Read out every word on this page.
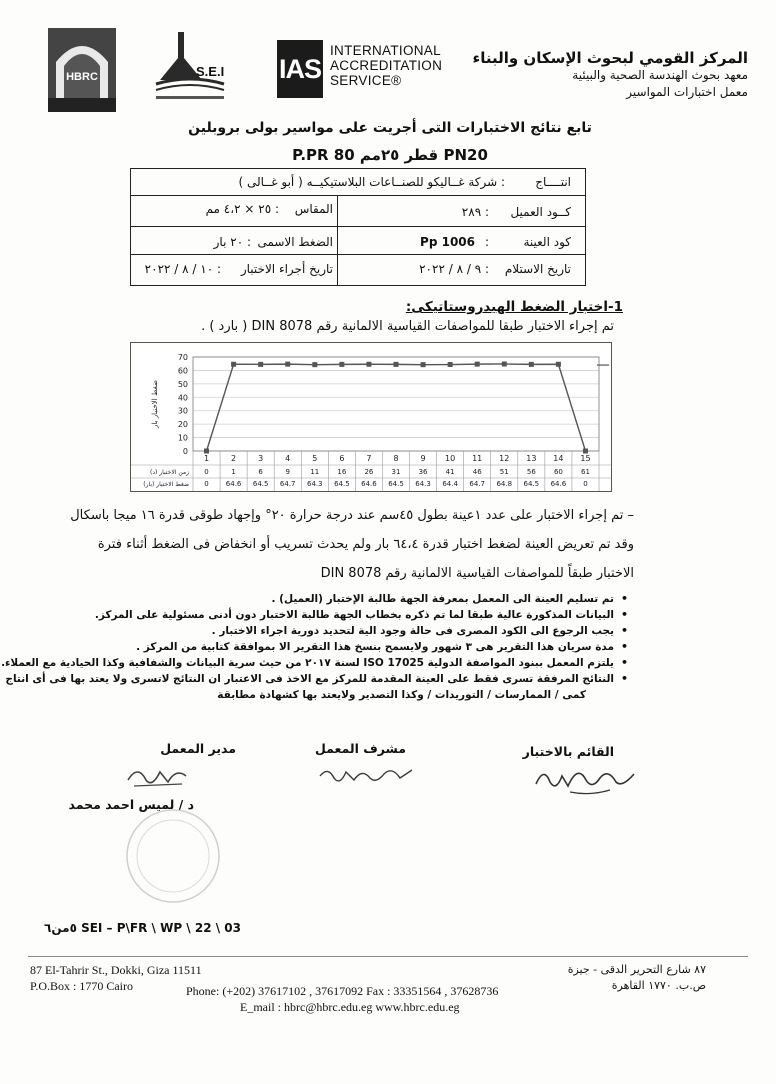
HBRC	S.E.I IAS
INTERNATIONAL
ACCREDITATION
SERVICE®
المركز القومي لبحوث الإسكان والبناء
معهد بحوث الهندسة الصحية والبيئية
معمل اختبارات المواسير
تابع نتائج الاختبارات التى أجريت على مواسير بولى بروبلين
P.PR 80 قطر ٢٥مم PN20
انتــــاج
: شركة غــاليكو للصنــاعات البلاستيكيــه ( أبو غــالى )
كــود العميل
: ٢٨٩
المقاس
: ٢٥ × ٤،٢ مم
كود العينة
:
Pp 1006
الضغط الاسمى
: ٢٠ بار
تاريخ الاستلام
: ٩ / ٨ / ٢٠٢٢
تاريخ أجراء الاختبار
: ١٠ / ٨ / ٢٠٢٢
1-اختبار الضغط الهيدروستاتيكى:
تم إجراء الاختبار طبقا للمواصفات القياسية الالمانية رقم DIN 8078 ( بارد ) .
0
10
20
30
40
50
60
70
ضغط الاختبار بار
1	2	3	4	5	6	7	8	9 10 11 12 13 14 15
زمن الاختبار (د) 0	1	6	9	11	16	26	31	36	41	46	51	56	60	61
ضغط الاختبار (بار) 0 64.6 64.5 64.7 64.3 64.5 64.6 64.5 64.3 64.4 64.7 64.8 64.5 64.6 0
– تم إجراء الاختبار على عدد ١عينة بطول ٤٥سم عند درجة حرارة ٢٠° وإجهاد طوقى قدرة ١٦ ميجا باسكال
وقد تم تعريض العينة لضغط اختبار قدرة ٦٤،٤ بار ولم يحدث تسريب أو انخفاض فى الضغط أثناء فترة
الاختبار طبقاً للمواصفات القياسية الالمانية رقم DIN 8078
• تم تسليم العينة الى المعمل بمعرفة الجهة طالبة الإختبار (العميل) .
• البيانات المذكورة عالية طبقا لما تم ذكره بخطاب الجهة طالبة الاختبار دون أدنى مسئولية على المركز.
• يجب الرجوع الى الكود المصرى فى حالة وجود الية لتحديد دورية اجراء الاختبار .
• مدة سريان هذا التقرير هى ٣ شهور ولايسمح بنسخ هذا التقرير الا بموافقة كتابية من المركز .
• يلتزم المعمل ببنود المواصفة الدولية ISO 17025 لسنة ٢٠١٧ من حيث سرية البيانات والشفافية وكذا الحيادية مع العملاء.
• النتائج المرفقة تسرى فقط على العينة المقدمة للمركز مع الاخذ فى الاعتبار ان النتائج لاتسرى ولا يعتد بها فى أى انتاج
كمى / الممارسات / التوريدات / وكذا التصدير ولايعتد بها كشهادة مطابقة
القائم بالاختبار
مشرف المعمل
مدير المعمل
د / لميس احمد محمد
٥من٦ SEI – P\FR \ WP \ 22 \ 03
87 El-Tahrir St., Dokki, Giza 11511
P.O.Box : 1770 Cairo	Phone: (+202) 37617102 , 37617092 Fax : 33351564 , 37628736
E_mail : hbrc@hbrc.edu.eg www.hbrc.edu.eg
٨٧ شارع التحرير الدقى - جيزة
ص.ب. ١٧٧٠ القاهرة
